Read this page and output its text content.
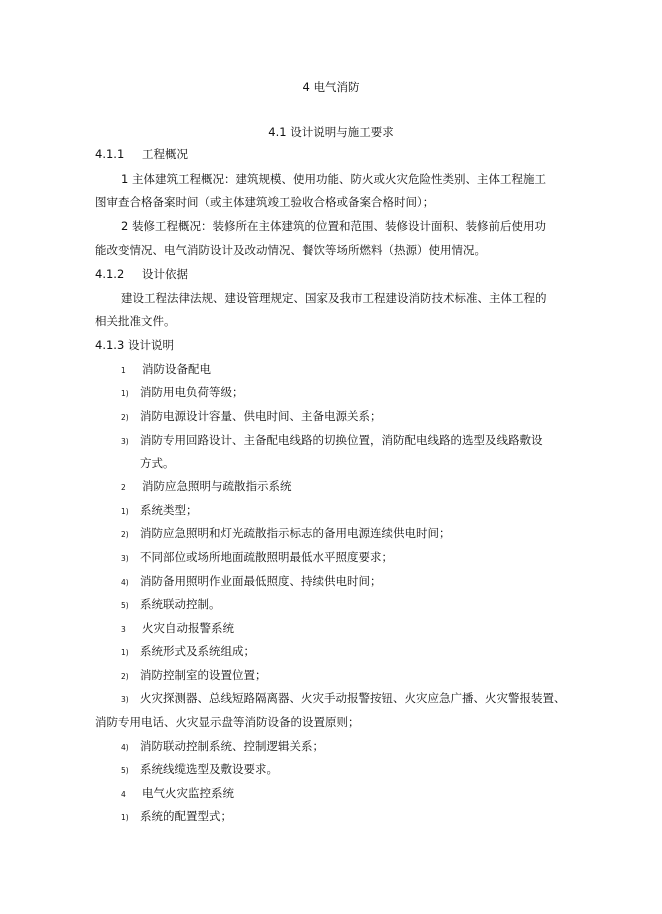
4 电气消防
4.1 设计说明与施工要求
4.1.1 工程概况
1 主体建筑工程概况：建筑规模、使用功能、防火或火灾危险性类别、主体工程施工
图审查合格备案时间（或主体建筑竣工验收合格或备案合格时间）；
2 装修工程概况：装修所在主体建筑的位置和范围、装修设计面积、装修前后使用功
能改变情况、电气消防设计及改动情况、餐饮等场所燃料（热源）使用情况。
4.1.2 设计依据
建设工程法律法规、建设管理规定、国家及我市工程建设消防技术标准、主体工程的
相关批准文件。
4.1.3 设计说明
1 消防设备配电
1) 消防用电负荷等级；
2) 消防电源设计容量、供电时间、主备电源关系；
3) 消防专用回路设计、主备配电线路的切换位置，消防配电线路的选型及线路敷设
方式。
2 消防应急照明与疏散指示系统
1) 系统类型；
2) 消防应急照明和灯光疏散指示标志的备用电源连续供电时间；
3) 不同部位或场所地面疏散照明最低水平照度要求；
4) 消防备用照明作业面最低照度、持续供电时间；
5) 系统联动控制。
3 火灾自动报警系统
1) 系统形式及系统组成；
2) 消防控制室的设置位置；
3) 火灾探测器、总线短路隔离器、火灾手动报警按钮、火灾应急广播、火灾警报装置、
消防专用电话、火灾显示盘等消防设备的设置原则；
4) 消防联动控制系统、控制逻辑关系；
5) 系统线缆选型及敷设要求。
4 电气火灾监控系统
1) 系统的配置型式；
